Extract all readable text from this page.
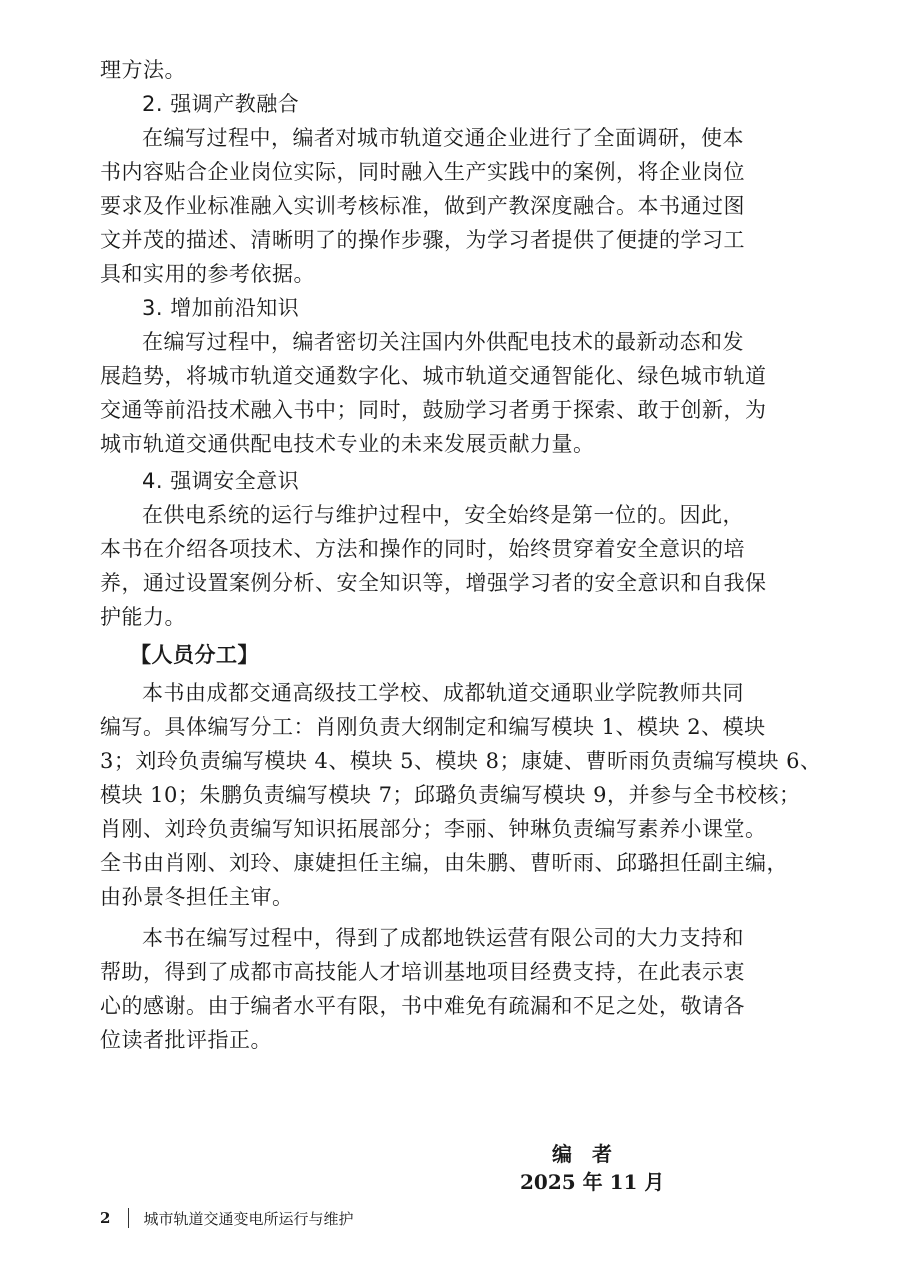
理方法。
2. 强调产教融合
在编写过程中，编者对城市轨道交通企业进行了全面调研，使本
书内容贴合企业岗位实际，同时融入生产实践中的案例，将企业岗位
要求及作业标准融入实训考核标准，做到产教深度融合。本书通过图
文并茂的描述、清晰明了的操作步骤，为学习者提供了便捷的学习工
具和实用的参考依据。
3. 增加前沿知识
在编写过程中，编者密切关注国内外供配电技术的最新动态和发
展趋势，将城市轨道交通数字化、城市轨道交通智能化、绿色城市轨道
交通等前沿技术融入书中；同时，鼓励学习者勇于探索、敢于创新，为
城市轨道交通供配电技术专业的未来发展贡献力量。
4. 强调安全意识
在供电系统的运行与维护过程中，安全始终是第一位的。因此，
本书在介绍各项技术、方法和操作的同时，始终贯穿着安全意识的培
养，通过设置案例分析、安全知识等，增强学习者的安全意识和自我保
护能力。
【人员分工】
本书由成都交通高级技工学校、成都轨道交通职业学院教师共同
编写。具体编写分工：肖刚负责大纲制定和编写模块 1、模块 2、模块
3；刘玲负责编写模块 4、模块 5、模块 8；康婕、曹昕雨负责编写模块 6、
模块 10；朱鹏负责编写模块 7；邱璐负责编写模块 9，并参与全书校核；
肖刚、刘玲负责编写知识拓展部分；李丽、钟琳负责编写素养小课堂。
全书由肖刚、刘玲、康婕担任主编，由朱鹏、曹昕雨、邱璐担任副主编，
由孙景冬担任主审。
本书在编写过程中，得到了成都地铁运营有限公司的大力支持和
帮助，得到了成都市高技能人才培训基地项目经费支持，在此表示衷
心的感谢。由于编者水平有限，书中难免有疏漏和不足之处，敬请各
位读者批评指正。
编　者
2025 年 11 月
2 城市轨道交通变电所运行与维护
